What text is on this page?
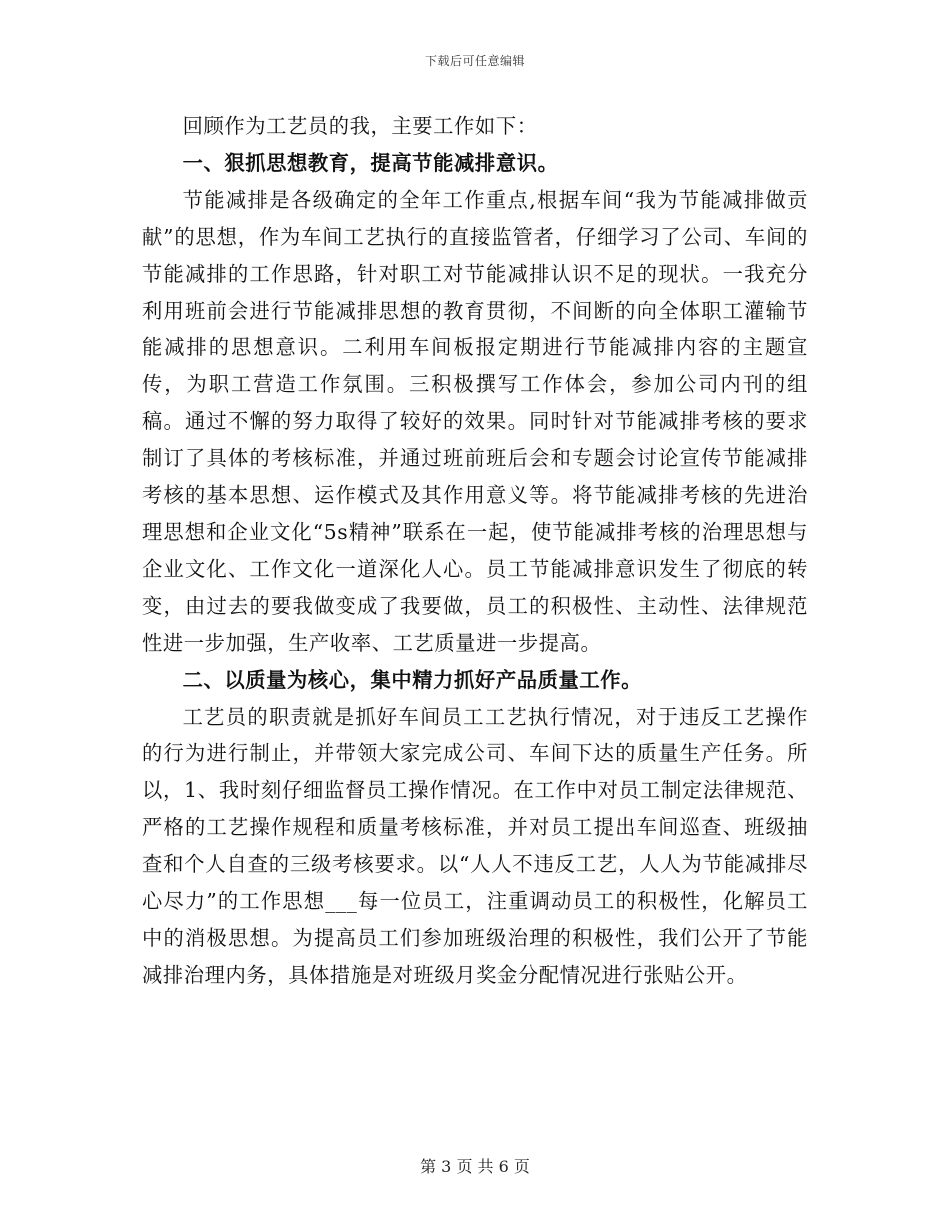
下载后可任意编辑

回顾作为工艺员的我，主要工作如下：

一、狠抓思想教育，提高节能减排意识。

节能减排是各级确定的全年工作重点,根据车间“我为节能减排做贡献”的思想，作为车间工艺执行的直接监管者，仔细学习了公司、车间的节能减排的工作思路，针对职工对节能减排认识不足的现状。一我充分利用班前会进行节能减排思想的教育贯彻，不间断的向全体职工灌输节能减排的思想意识。二利用车间板报定期进行节能减排内容的主题宣传，为职工营造工作氛围。三积极撰写工作体会，参加公司内刊的组稿。通过不懈的努力取得了较好的效果。同时针对节能减排考核的要求制订了具体的考核标准，并通过班前班后会和专题会讨论宣传节能减排考核的基本思想、运作模式及其作用意义等。将节能减排考核的先进治理思想和企业文化“5s精神”联系在一起，使节能减排考核的治理思想与企业文化、工作文化一道深化人心。员工节能减排意识发生了彻底的转变，由过去的要我做变成了我要做，员工的积极性、主动性、法律规范性进一步加强，生产收率、工艺质量进一步提高。

二、以质量为核心，集中精力抓好产品质量工作。

工艺员的职责就是抓好车间员工工艺执行情况，对于违反工艺操作的行为进行制止，并带领大家完成公司、车间下达的质量生产任务。所以，1、我时刻仔细监督员工操作情况。在工作中对员工制定法律规范、严格的工艺操作规程和质量考核标准，并对员工提出车间巡查、班级抽查和个人自查的三级考核要求。以“人人不违反工艺，人人为节能减排尽心尽力”的工作思想___每一位员工，注重调动员工的积极性，化解员工中的消极思想。为提高员工们参加班级治理的积极性，我们公开了节能减排治理内务，具体措施是对班级月奖金分配情况进行张贴公开。

第 3 页 共 6 页
